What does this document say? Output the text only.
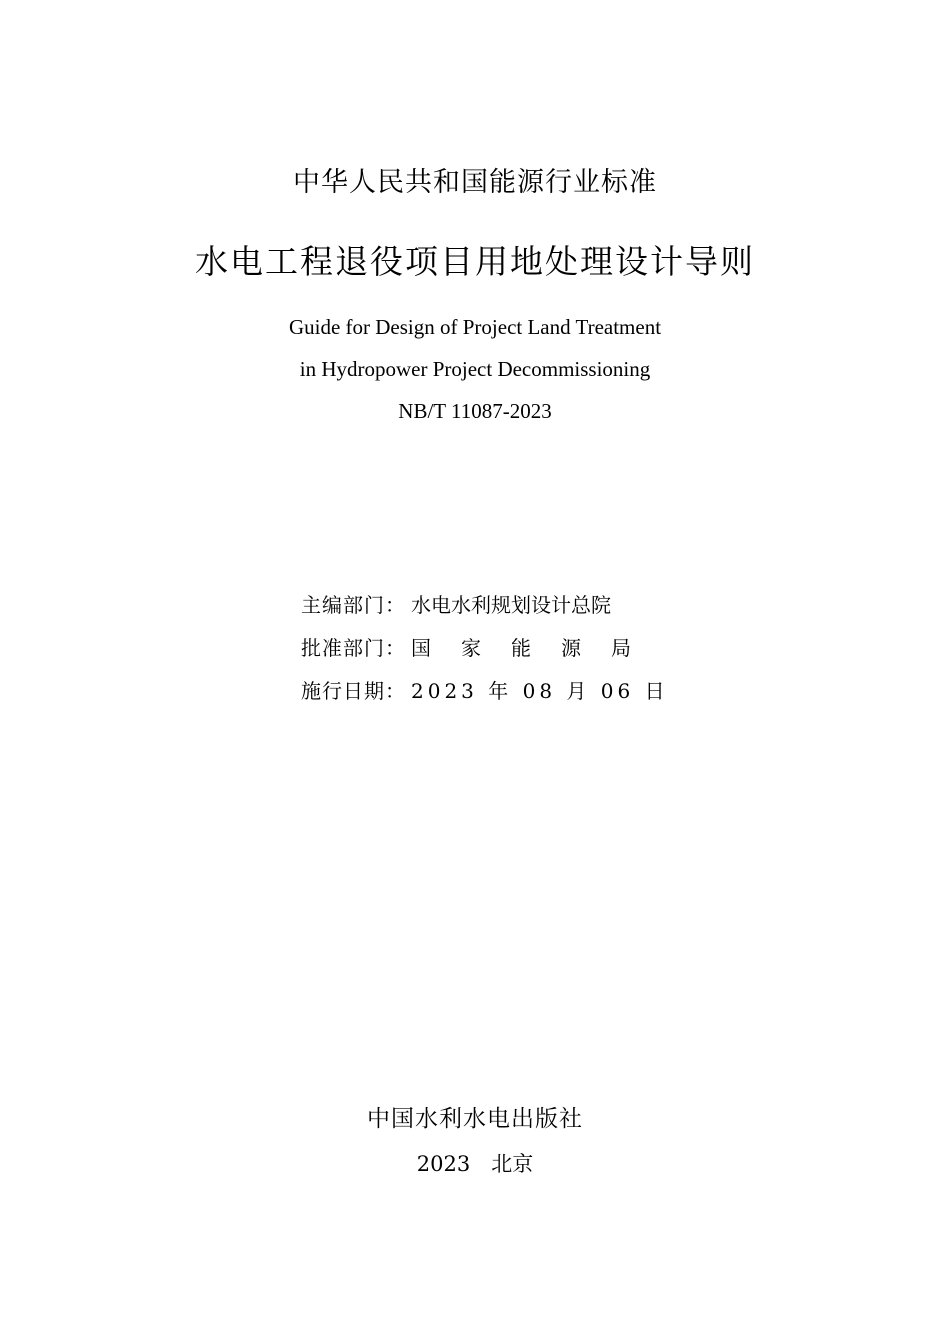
中华人民共和国能源行业标准
水电工程退役项目用地处理设计导则
Guide for Design of Project Land Treatment
in Hydropower Project Decommissioning
NB/T 11087-2023
主编部门： 水电水利规划设计总院
批准部门： 国 家 能 源 局
施行日期： 2023 年 08 月 06 日
中国水利水电出版社
2023　北京
